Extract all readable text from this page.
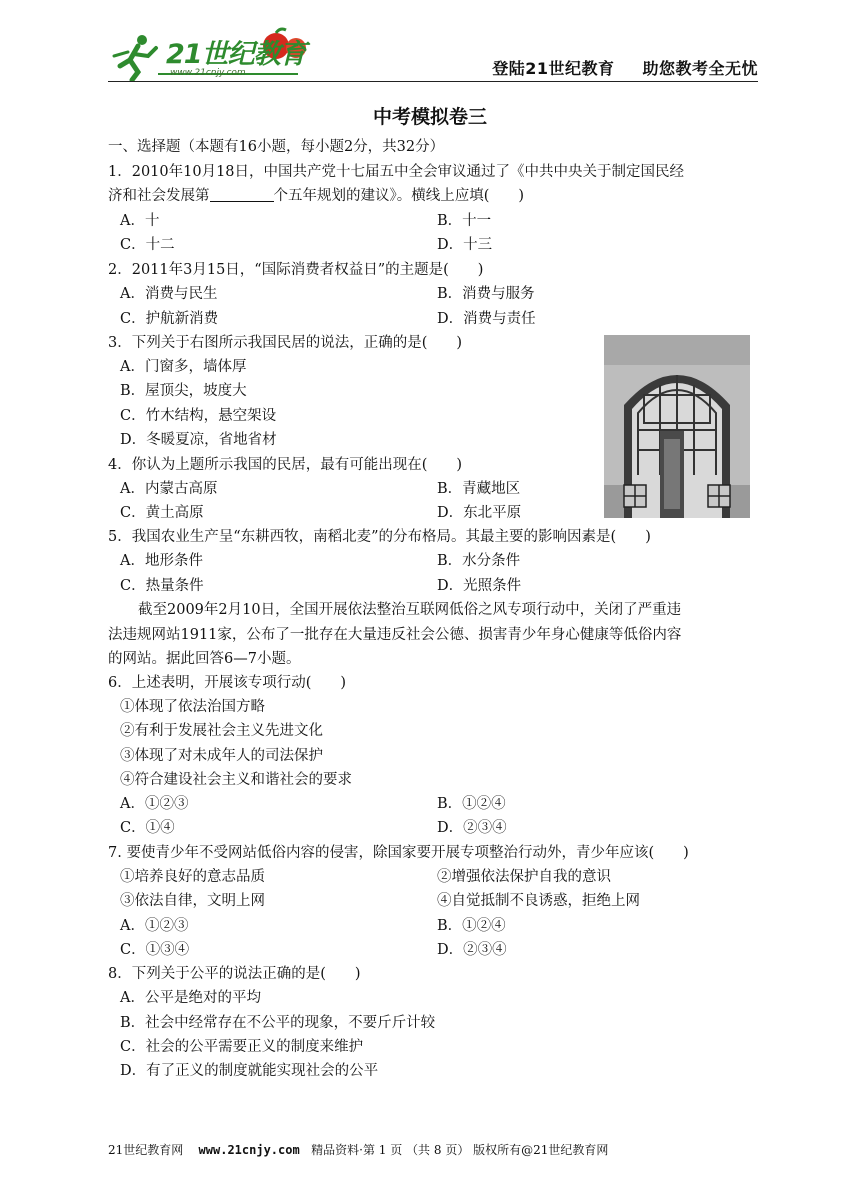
21世纪教育
www.21cnjy.com	登陆21世纪教育 助您教考全无忧
中考模拟卷三
一、选择题（本题有16小题，每小题2分，共32分）
1．2010年10月18日，中国共产党十七届五中全会审议通过了《中共中央关于制定国民经
济和社会发展第	个五年规划的建议》。横线上应填(　　)
A．十	B．十一
C．十二	D．十三
2．2011年3月15日，“国际消费者权益日”的主题是(　　)
A．消费与民生	B．消费与服务
C．护航新消费	D．消费与责任
3．下列关于右图所示我国民居的说法，正确的是(　　)
A．门窗多，墙体厚
B．屋顶尖，坡度大
C．竹木结构，悬空架设
D．冬暖夏凉，省地省材
4．你认为上题所示我国的民居，最有可能出现在(　　)
A．内蒙古高原	B．青藏地区
C．黄土高原	D．东北平原
5．我国农业生产呈“东耕西牧，南稻北麦”的分布格局。其最主要的影响因素是(　　)
A．地形条件	B．水分条件
C．热量条件	D．光照条件
截至2009年2月10日，全国开展依法整治互联网低俗之风专项行动中，关闭了严重违
法违规网站1911家，公布了一批存在大量违反社会公德、损害青少年身心健康等低俗内容
的网站。据此回答6—7小题。
6．上述表明，开展该专项行动(　　)
①体现了依法治国方略
②有利于发展社会主义先进文化
③体现了对未成年人的司法保护
④符合建设社会主义和谐社会的要求
A．①②③	B．①②④
C．①④	D．②③④
7. 要使青少年不受网站低俗内容的侵害，除国家要开展专项整治行动外，青少年应该(　　)
①培养良好的意志品质	②增强依法保护自我的意识
③依法自律，文明上网	④自觉抵制不良诱惑，拒绝上网
A．①②③	B．①②④
C．①③④	D．②③④
8．下列关于公平的说法正确的是(　　)
A．公平是绝对的平均
B．社会中经常存在不公平的现象，不要斤斤计较
C．社会的公平需要正义的制度来维护
D．有了正义的制度就能实现社会的公平
21世纪教育网 www.21cnjy.com 精品资料·第 1 页 （共 8 页） 版权所有@21世纪教育网
